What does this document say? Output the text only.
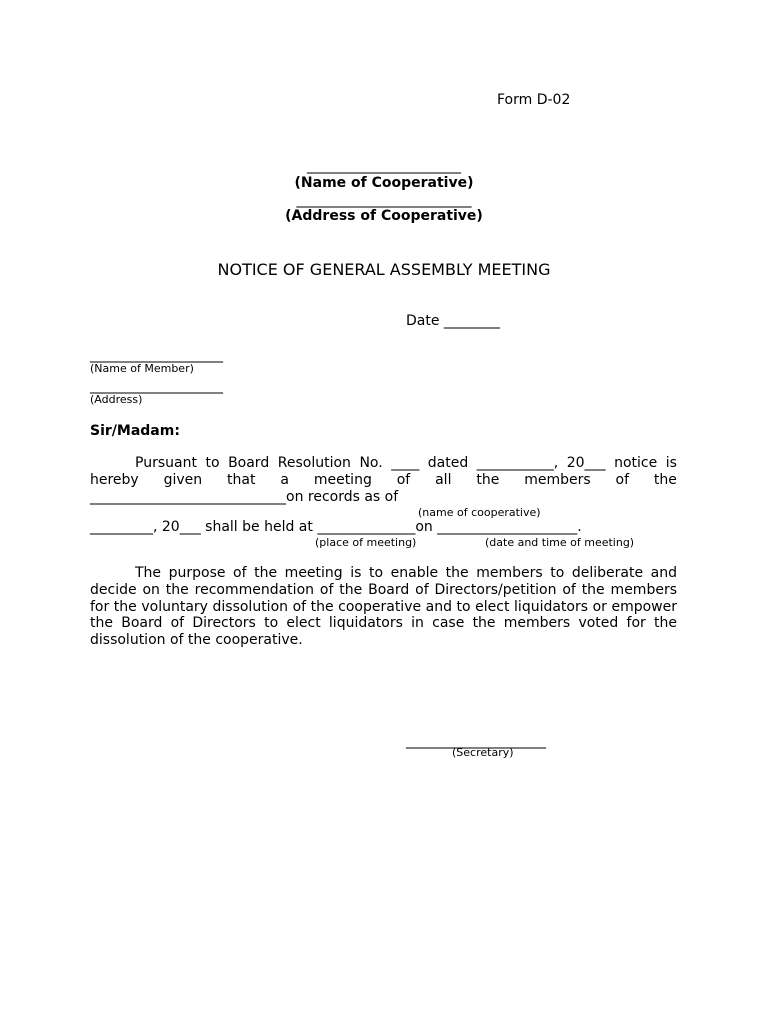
Form D-02
______________________
(Name of Cooperative)
_________________________
(Address of Cooperative)
NOTICE OF GENERAL ASSEMBLY MEETING
Date ________
___________________
(Name of Member)
___________________
(Address)
Sir/Madam:
Pursuant to Board Resolution No. ____ dated ___________, 20___ notice is
hereby given that a meeting of all the members of the
____________________________on records as of
(name of cooperative)
_________, 20___ shall be held at ______________on ____________________.
(place of meeting)	(date and time of meeting)
The purpose of the meeting is to enable the members to deliberate and decide on the recommendation of the Board of Directors/petition of the members for the voluntary dissolution of the cooperative and to elect liquidators or empower the Board of Directors to elect liquidators in case the members voted for the dissolution of the cooperative.
____________________
(Secretary)
